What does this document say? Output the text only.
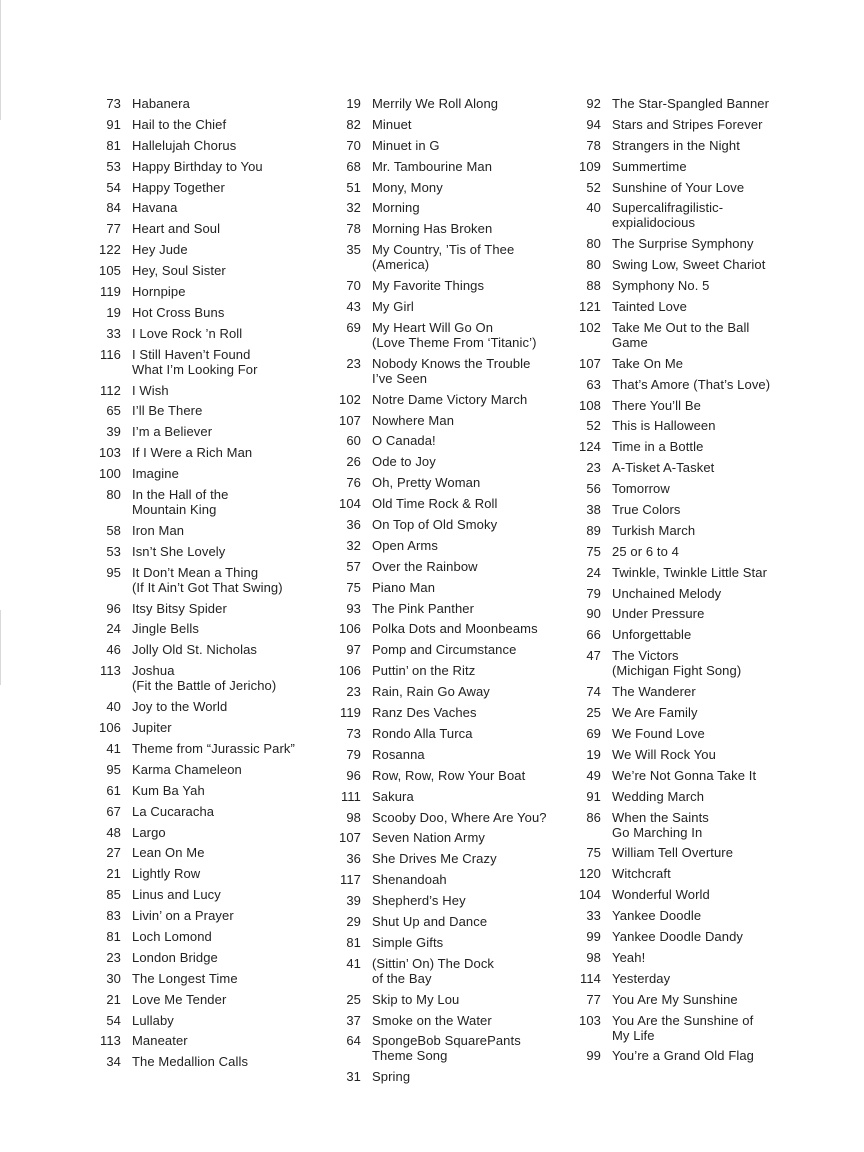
73 Habanera
91 Hail to the Chief
81 Hallelujah Chorus
53 Happy Birthday to You
54 Happy Together
84 Havana
77 Heart and Soul
122 Hey Jude
105 Hey, Soul Sister
119 Hornpipe
19 Hot Cross Buns
33 I Love Rock ’n Roll
116 I Still Haven’t Found
What I’m Looking For
112 I Wish
65 I’ll Be There
39 I’m a Believer
103 If I Were a Rich Man
100 Imagine
80 In the Hall of the
Mountain King
58 Iron Man
53 Isn’t She Lovely
95 It Don’t Mean a Thing
(If It Ain’t Got That Swing)
96 Itsy Bitsy Spider
24 Jingle Bells
46 Jolly Old St. Nicholas
113 Joshua
(Fit the Battle of Jericho)
40 Joy to the World
106 Jupiter
41 Theme from “Jurassic Park”
95 Karma Chameleon
61 Kum Ba Yah
67 La Cucaracha
48 Largo
27 Lean On Me
21 Lightly Row
85 Linus and Lucy
83 Livin’ on a Prayer
81 Loch Lomond
23 London Bridge
30 The Longest Time
21 Love Me Tender
54 Lullaby
113 Maneater
34 The Medallion Calls
19 Merrily We Roll Along
82 Minuet
70 Minuet in G
68 Mr. Tambourine Man
51 Mony, Mony
32 Morning
78 Morning Has Broken
35 My Country, ’Tis of Thee
(America)
70 My Favorite Things
43 My Girl
69 My Heart Will Go On
(Love Theme From ‘Titanic’)
23 Nobody Knows the Trouble
I’ve Seen
102 Notre Dame Victory March
107 Nowhere Man
60 O Canada!
26 Ode to Joy
76 Oh, Pretty Woman
104 Old Time Rock & Roll
36 On Top of Old Smoky
32 Open Arms
57 Over the Rainbow
75 Piano Man
93 The Pink Panther
106 Polka Dots and Moonbeams
97 Pomp and Circumstance
106 Puttin’ on the Ritz
23 Rain, Rain Go Away
119 Ranz Des Vaches
73 Rondo Alla Turca
79 Rosanna
96 Row, Row, Row Your Boat
111 Sakura
98 Scooby Doo, Where Are You?
107 Seven Nation Army
36 She Drives Me Crazy
117 Shenandoah
39 Shepherd’s Hey
29 Shut Up and Dance
81 Simple Gifts
41 (Sittin’ On) The Dock
of the Bay
25 Skip to My Lou
37 Smoke on the Water
64 SpongeBob SquarePants
Theme Song
31 Spring
92 The Star-Spangled Banner
94 Stars and Stripes Forever
78 Strangers in the Night
109 Summertime
52 Sunshine of Your Love
40 Supercalifragilistic-
expialidocious
80 The Surprise Symphony
80 Swing Low, Sweet Chariot
88 Symphony No. 5
121 Tainted Love
102 Take Me Out to the Ball
Game
107 Take On Me
63 That’s Amore (That’s Love)
108 There You’ll Be
52 This is Halloween
124 Time in a Bottle
23 A-Tisket A-Tasket
56 Tomorrow
38 True Colors
89 Turkish March
75 25 or 6 to 4
24 Twinkle, Twinkle Little Star
79 Unchained Melody
90 Under Pressure
66 Unforgettable
47 The Victors
(Michigan Fight Song)
74 The Wanderer
25 We Are Family
69 We Found Love
19 We Will Rock You
49 We’re Not Gonna Take It
91 Wedding March
86 When the Saints
Go Marching In
75 William Tell Overture
120 Witchcraft
104 Wonderful World
33 Yankee Doodle
99 Yankee Doodle Dandy
98 Yeah!
114 Yesterday
77 You Are My Sunshine
103 You Are the Sunshine of
My Life
99 You’re a Grand Old Flag
